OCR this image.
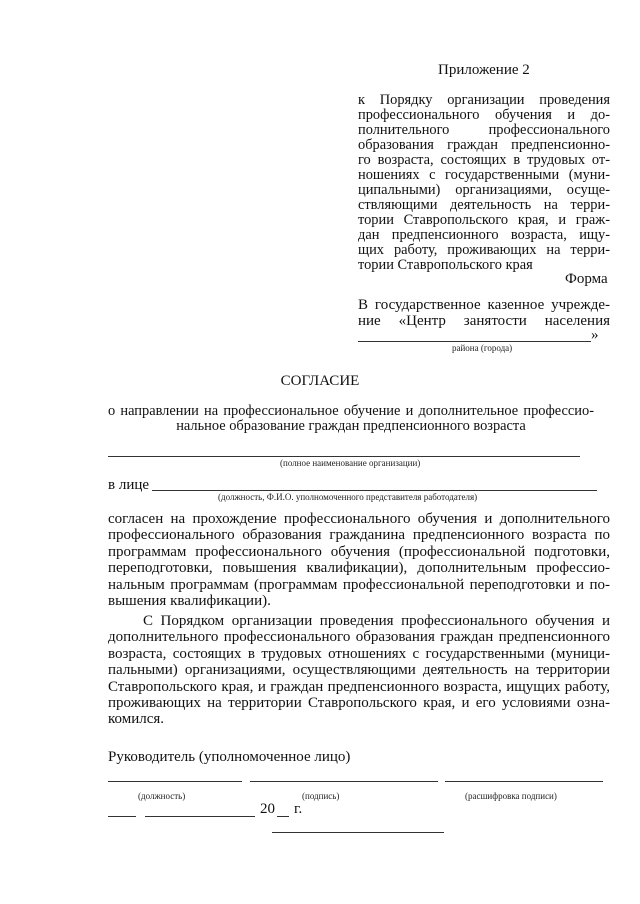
Приложение 2
к Порядку организации проведения
профессионального обучения и до-
полнительного профессионального
образования граждан предпенсионно-
го возраста, состоящих в трудовых от-
ношениях с государственными (муни-
ципальными) организациями, осуще-
ствляющими деятельность на терри-
тории Ставропольского края, и граж-
дан предпенсионного возраста, ищу-
щих работу, проживающих на терри-
тории Ставропольского края
Форма
В государственное казенное учрежде-
ние «Центр занятости населения
»
района (города)
СОГЛАСИЕ
о направлении на профессиональное обучение и дополнительное профессио-
нальное образование граждан предпенсионного возраста
(полное наименование организации)
в лице
(должность, Ф.И.О. уполномоченного представителя работодателя)
согласен на прохождение профессионального обучения и дополнительного
профессионального образования гражданина предпенсионного возраста по
программам профессионального обучения (профессиональной подготовки,
переподготовки, повышения квалификации), дополнительным профессио-
нальным программам (программам профессиональной переподготовки и по-
вышения квалификации).
С Порядком организации проведения профессионального обучения и
дополнительного профессионального образования граждан предпенсионного
возраста, состоящих в трудовых отношениях с государственными (муници-
пальными) организациями, осуществляющими деятельность на территории
Ставропольского края, и граждан предпенсионного возраста, ищущих работу,
проживающих на территории Ставропольского края, и его условиями озна-
комился.
Руководитель (уполномоченное лицо)
(должность)	(подпись)	(расшифровка подписи)
20 г.
